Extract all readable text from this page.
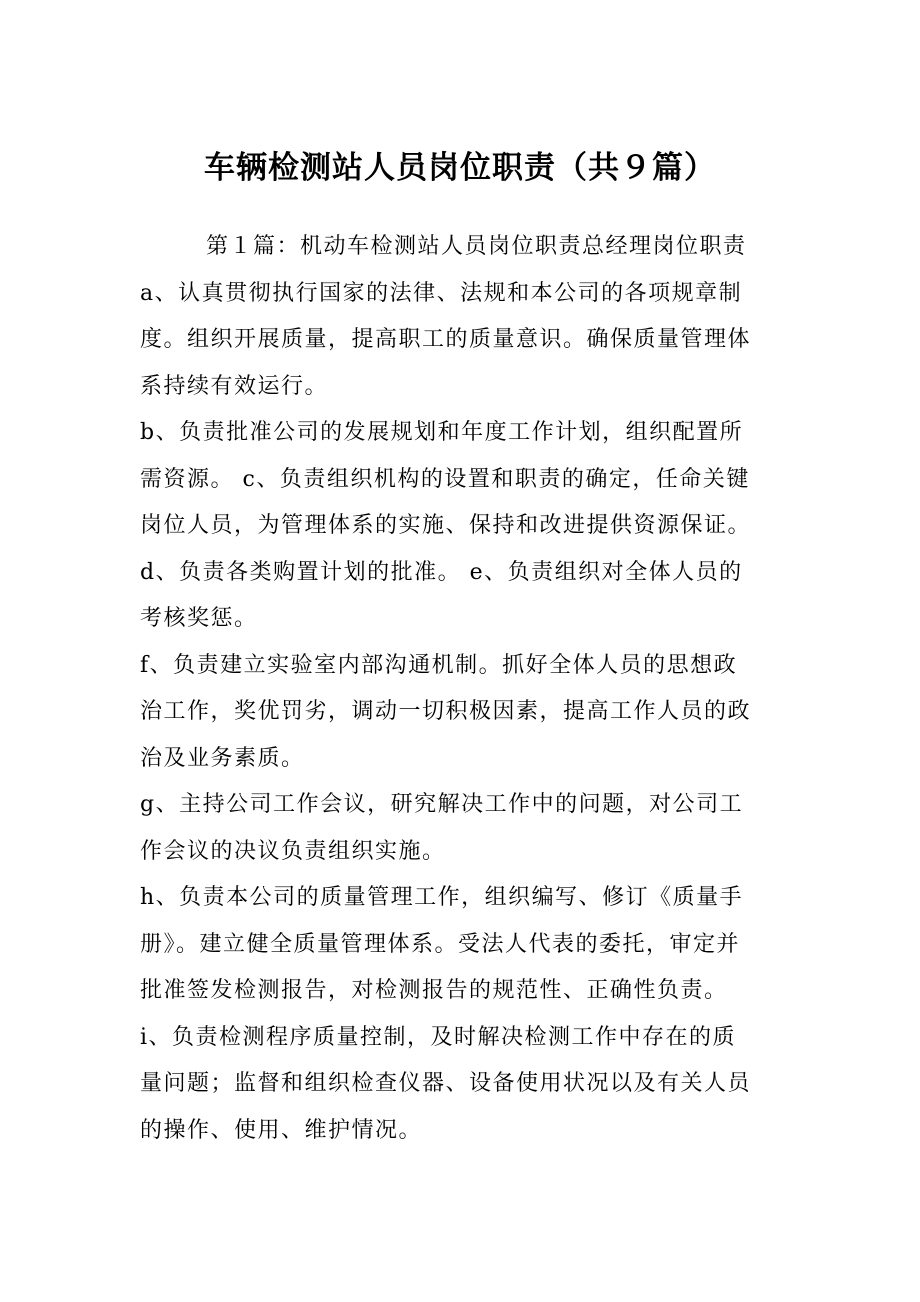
车辆检测站人员岗位职责（共９篇）
第１篇：机动车检测站人员岗位职责总经理岗位职责
a、认真贯彻执行国家的法律、法规和本公司的各项规章制
度。组织开展质量，提高职工的质量意识。确保质量管理体
系持续有效运行。
b、负责批准公司的发展规划和年度工作计划，组织配置所
需资源。 c、负责组织机构的设置和职责的确定，任命关键
岗位人员，为管理体系的实施、保持和改进提供资源保证。
d、负责各类购置计划的批准。 e、负责组织对全体人员的
考核奖惩。
f、负责建立实验室内部沟通机制。抓好全体人员的思想政
治工作，奖优罚劣，调动一切积极因素，提高工作人员的政
治及业务素质。
g、主持公司工作会议，研究解决工作中的问题，对公司工
作会议的决议负责组织实施。
h、负责本公司的质量管理工作，组织编写、修订《质量手
册》。建立健全质量管理体系。受法人代表的委托，审定并
批准签发检测报告，对检测报告的规范性、正确性负责。
i、负责检测程序质量控制，及时解决检测工作中存在的质
量问题；监督和组织检查仪器、设备使用状况以及有关人员
的操作、使用、维护情况。
